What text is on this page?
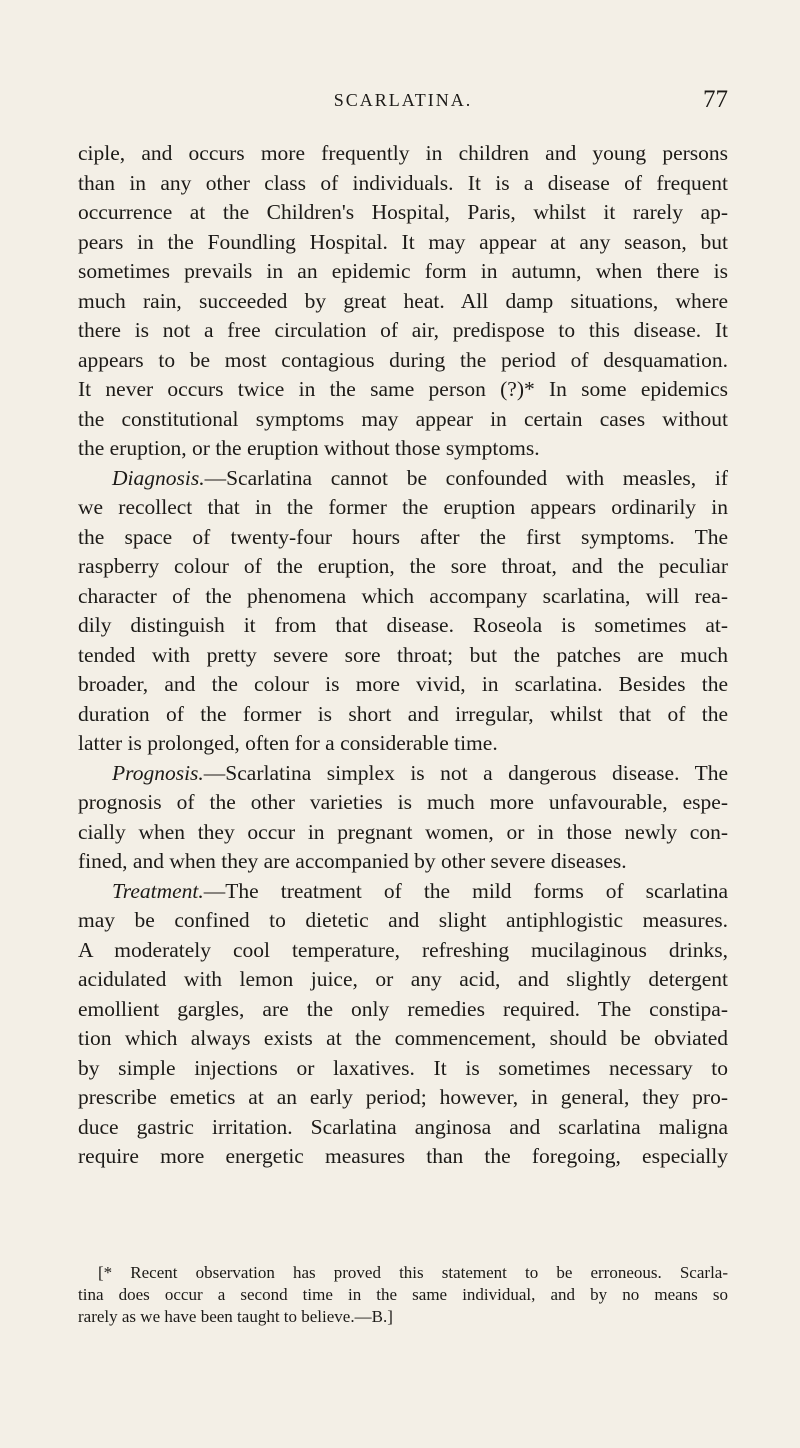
SCARLATINA.	77
ciple, and occurs more frequently in children and young persons
than in any other class of individuals. It is a disease of frequent
occurrence at the Children's Hospital, Paris, whilst it rarely ap-
pears in the Foundling Hospital. It may appear at any season, but
sometimes prevails in an epidemic form in autumn, when there is
much rain, succeeded by great heat. All damp situations, where
there is not a free circulation of air, predispose to this disease. It
appears to be most contagious during the period of desquamation.
It never occurs twice in the same person (?)* In some epidemics
the constitutional symptoms may appear in certain cases without
the eruption, or the eruption without those symptoms.
Diagnosis.—Scarlatina cannot be confounded with measles, if
we recollect that in the former the eruption appears ordinarily in
the space of twenty-four hours after the first symptoms. The
raspberry colour of the eruption, the sore throat, and the peculiar
character of the phenomena which accompany scarlatina, will rea-
dily distinguish it from that disease. Roseola is sometimes at-
tended with pretty severe sore throat; but the patches are much
broader, and the colour is more vivid, in scarlatina. Besides the
duration of the former is short and irregular, whilst that of the
latter is prolonged, often for a considerable time.
Prognosis.—Scarlatina simplex is not a dangerous disease. The
prognosis of the other varieties is much more unfavourable, espe-
cially when they occur in pregnant women, or in those newly con-
fined, and when they are accompanied by other severe diseases.
Treatment.—The treatment of the mild forms of scarlatina
may be confined to dietetic and slight antiphlogistic measures.
A moderately cool temperature, refreshing mucilaginous drinks,
acidulated with lemon juice, or any acid, and slightly detergent
emollient gargles, are the only remedies required. The constipa-
tion which always exists at the commencement, should be obviated
by simple injections or laxatives. It is sometimes necessary to
prescribe emetics at an early period; however, in general, they pro-
duce gastric irritation. Scarlatina anginosa and scarlatina maligna
require more energetic measures than the foregoing, especially
[* Recent observation has proved this statement to be erroneous. Scarla-
tina does occur a second time in the same individual, and by no means so
rarely as we have been taught to believe.—B.]
